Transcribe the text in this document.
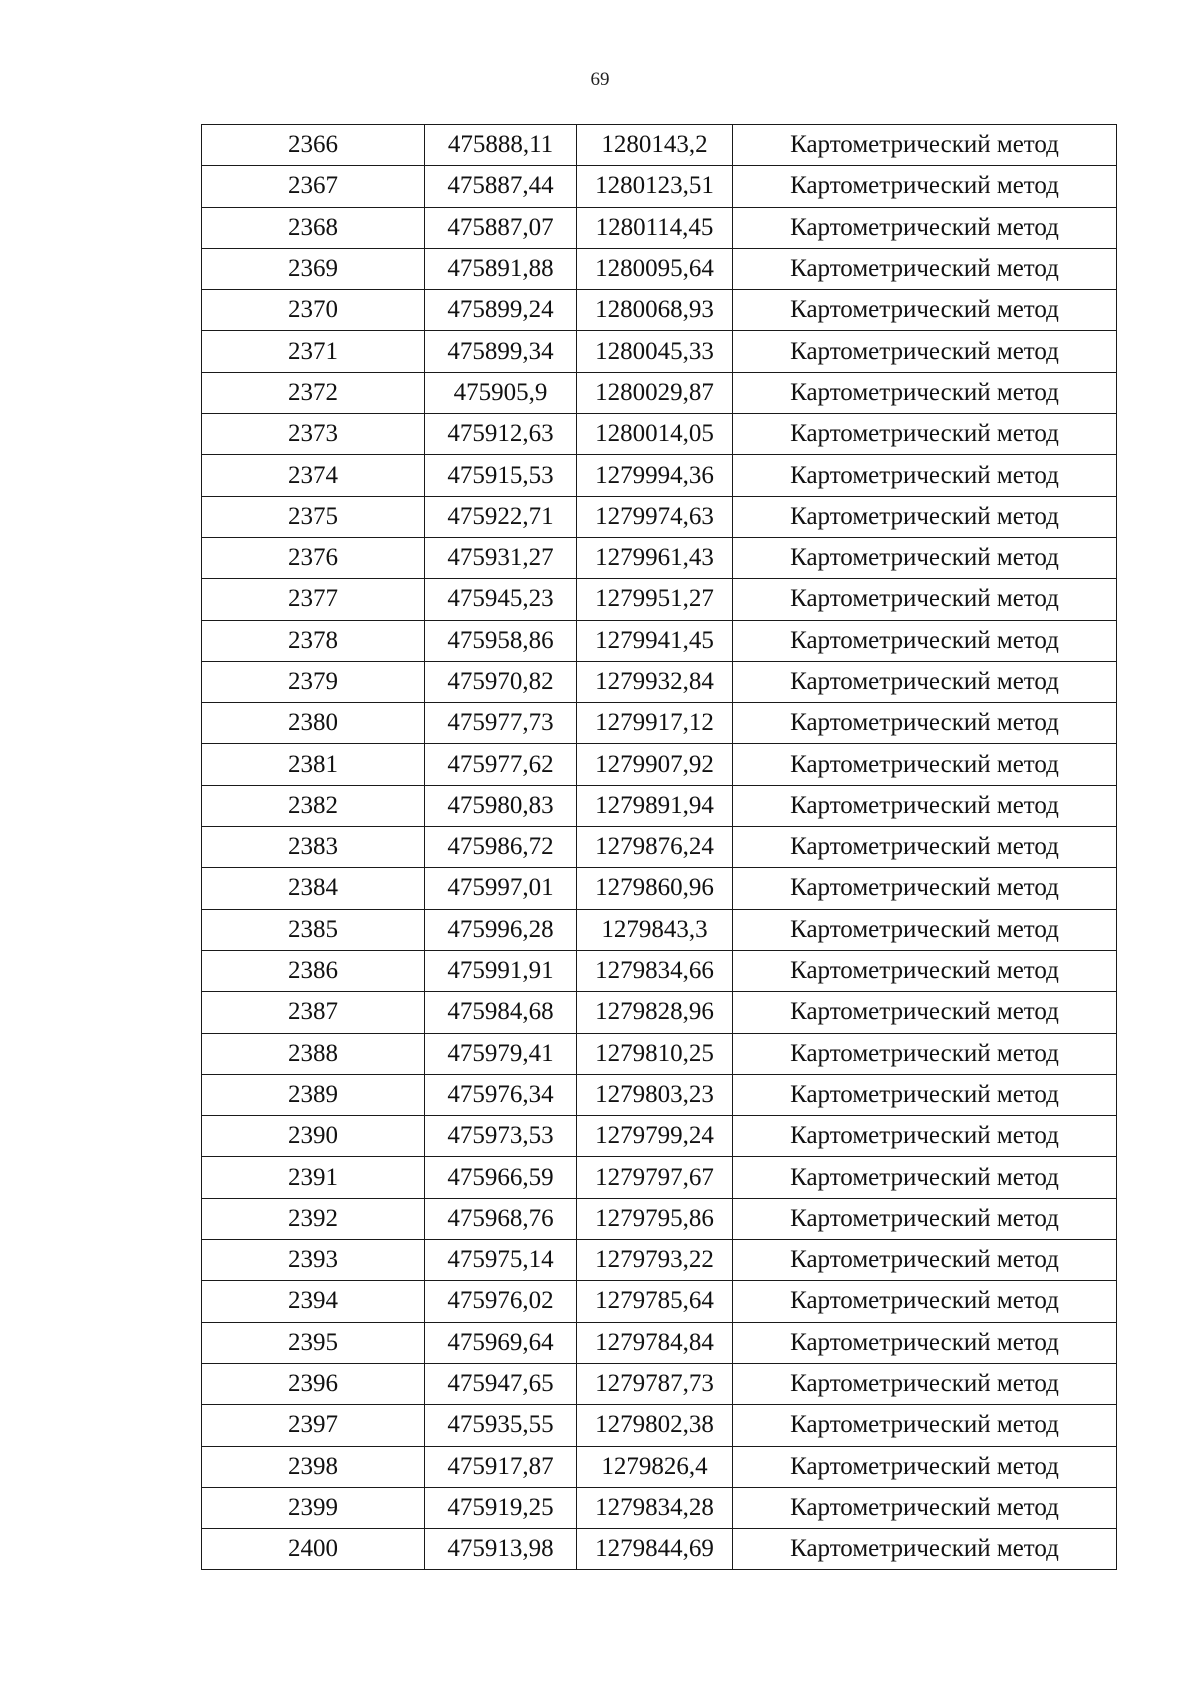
69
2366	475888,11	1280143,2	Картометрический метод
2367	475887,44	1280123,51	Картометрический метод
2368	475887,07	1280114,45	Картометрический метод
2369	475891,88	1280095,64	Картометрический метод
2370	475899,24	1280068,93	Картометрический метод
2371	475899,34	1280045,33	Картометрический метод
2372	475905,9	1280029,87	Картометрический метод
2373	475912,63	1280014,05	Картометрический метод
2374	475915,53	1279994,36	Картометрический метод
2375	475922,71	1279974,63	Картометрический метод
2376	475931,27	1279961,43	Картометрический метод
2377	475945,23	1279951,27	Картометрический метод
2378	475958,86	1279941,45	Картометрический метод
2379	475970,82	1279932,84	Картометрический метод
2380	475977,73	1279917,12	Картометрический метод
2381	475977,62	1279907,92	Картометрический метод
2382	475980,83	1279891,94	Картометрический метод
2383	475986,72	1279876,24	Картометрический метод
2384	475997,01	1279860,96	Картометрический метод
2385	475996,28	1279843,3	Картометрический метод
2386	475991,91	1279834,66	Картометрический метод
2387	475984,68	1279828,96	Картометрический метод
2388	475979,41	1279810,25	Картометрический метод
2389	475976,34	1279803,23	Картометрический метод
2390	475973,53	1279799,24	Картометрический метод
2391	475966,59	1279797,67	Картометрический метод
2392	475968,76	1279795,86	Картометрический метод
2393	475975,14	1279793,22	Картометрический метод
2394	475976,02	1279785,64	Картометрический метод
2395	475969,64	1279784,84	Картометрический метод
2396	475947,65	1279787,73	Картометрический метод
2397	475935,55	1279802,38	Картометрический метод
2398	475917,87	1279826,4	Картометрический метод
2399	475919,25	1279834,28	Картометрический метод
2400	475913,98	1279844,69	Картометрический метод
